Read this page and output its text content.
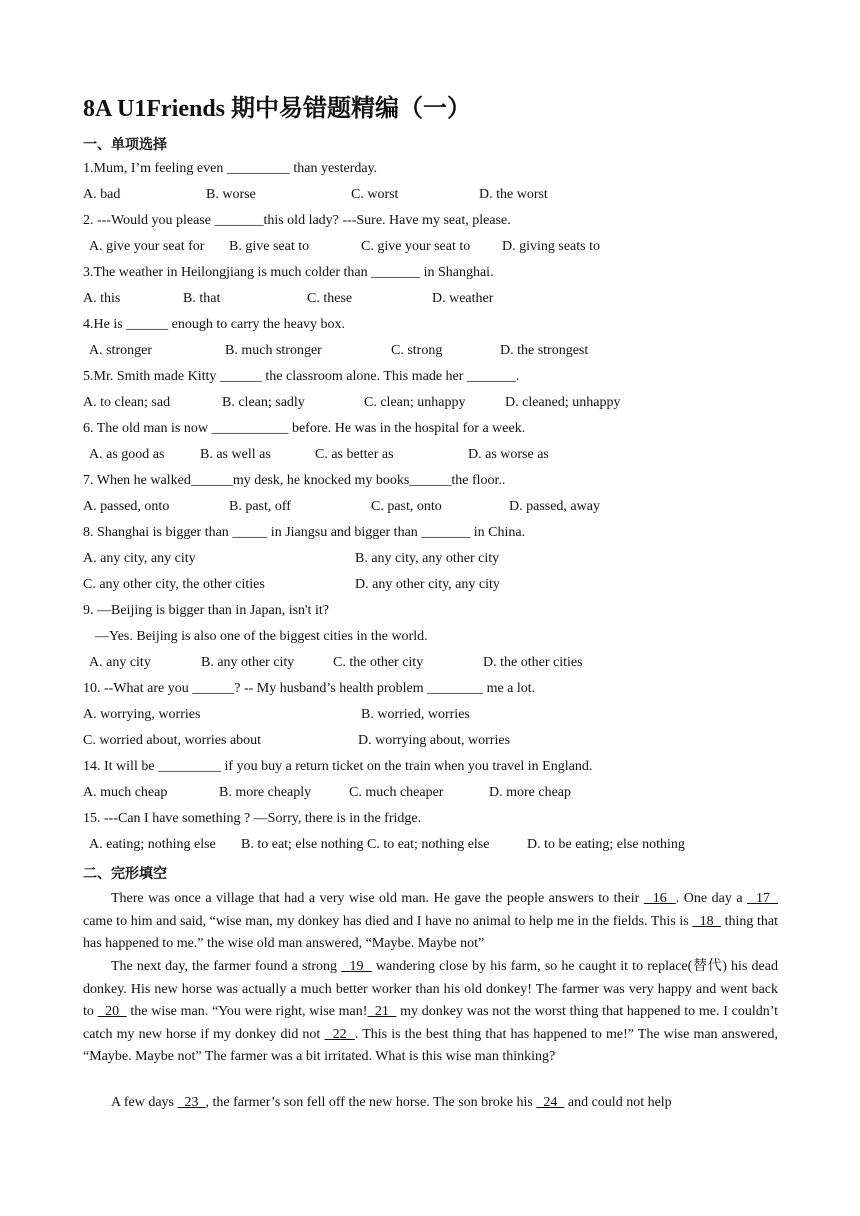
8A U1Friends 期中易错题精编（一）
一、单项选择
1.Mum, I’m feeling even _________ than yesterday.
A. bad	B. worse	C. worst	D. the worst
2. ---Would you please _______this old lady? ---Sure. Have my seat, please.
A. give your seat for B. give seat to	C. give your seat to D. giving seats to
3.The weather in Heilongjiang is much colder than _______ in Shanghai.
A. this	B. that	C. these	D. weather
4.He is ______ enough to carry the heavy box.
A. stronger	B. much stronger	C. strong	D. the strongest
5.Mr. Smith made Kitty ______ the classroom alone. This made her _______.
A. to clean; sad	B. clean; sadly	C. clean; unhappy	D. cleaned; unhappy
6. The old man is now ___________ before. He was in the hospital for a week.
A. as good as	B. as well as	C. as better as	D. as worse as
7. When he walked______my desk, he knocked my books______the floor..
A. passed, onto	B. past, off	C. past, onto	D. passed, away
8. Shanghai is bigger than _____ in Jiangsu and bigger than _______ in China.
A. any city, any city	B. any city, any other city
C. any other city, the other cities	D. any other city, any city
9. —Beijing is bigger than in Japan, isn't it?
—Yes. Beijing is also one of the biggest cities in the world.
A. any city	B. any other city	C. the other city	D. the other cities
10. --What are you ______? -- My husband’s health problem ________ me a lot.
A. worrying, worries	B. worried, worries
C. worried about, worries about	D. worrying about, worries
14. It will be _________ if you buy a return ticket on the train when you travel in England.
A. much cheap	B. more cheaply	C. much cheaper	D. more cheap
15. ---Can I have something ? —Sorry, there is in the fridge.
A. eating; nothing else B. to eat; else nothing C. to eat; nothing else	D. to be eating; else nothing
二、完形填空
There was once a village that had a very wise old man. He gave the people answers to their   16  . One day a   17   came to him and said, “wise man, my donkey has died and I have no animal to help me in the fields. This is   18   thing that has happened to me.” the wise old man answered, “Maybe. Maybe not”
The next day, the farmer found a strong   19   wandering close by his farm, so he caught it to replace(替代) his dead donkey. His new horse was actually a much better worker than his old donkey! The farmer was very happy and went back to   20   the wise man. “You were right, wise man!  21   my donkey was not the worst thing that happened to me. I couldn’t catch my new horse if my donkey did not   22  . This is the best thing that has happened to me!” The wise man answered, “Maybe. Maybe not” The farmer was a bit irritated. What is this wise man thinking?
A few days   23  , the farmer’s son fell off the new horse. The son broke his   24   and could not help
